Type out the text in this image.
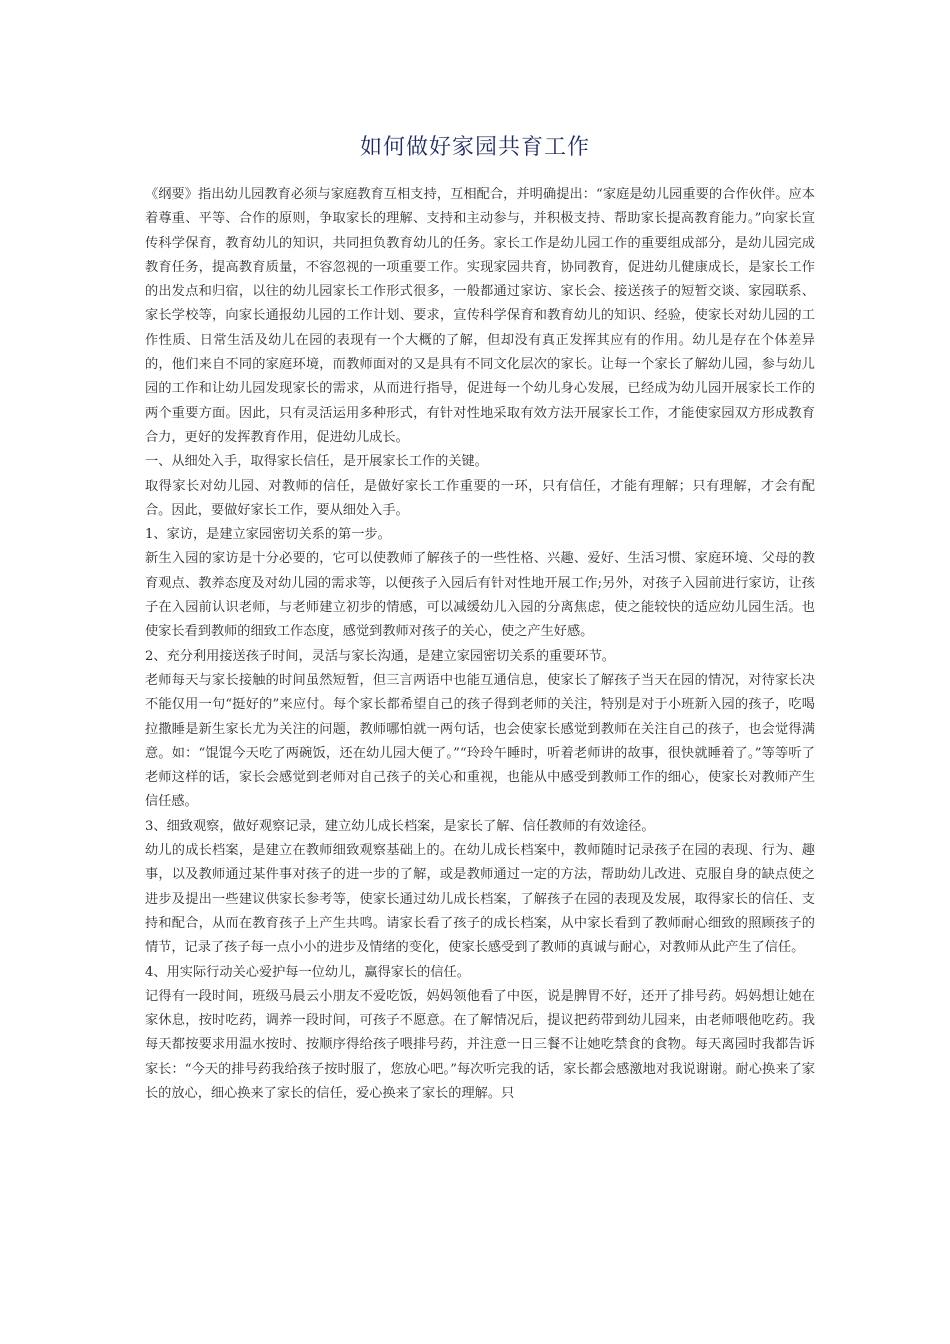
如何做好家园共育工作

《纲要》指出幼儿园教育必须与家庭教育互相支持，互相配合，并明确提出：“家庭是幼儿园重要的合作伙伴。应本着尊重、平等、合作的原则，争取家长的理解、支持和主动参与，并积极支持、帮助家长提高教育能力。”向家长宣传科学保育，教育幼儿的知识，共同担负教育幼儿的任务。家长工作是幼儿园工作的重要组成部分，是幼儿园完成教育任务，提高教育质量，不容忽视的一项重要工作。实现家园共育，协同教育，促进幼儿健康成长，是家长工作的出发点和归宿，以往的幼儿园家长工作形式很多，一般都通过家访、家长会、接送孩子的短暂交谈、家园联系、家长学校等，向家长通报幼儿园的工作计划、要求，宣传科学保育和教育幼儿的知识、经验，使家长对幼儿园的工作性质、日常生活及幼儿在园的表现有一个大概的了解，但却没有真正发挥其应有的作用。幼儿是存在个体差异的，他们来自不同的家庭环境，而教师面对的又是具有不同文化层次的家长。让每一个家长了解幼儿园，参与幼儿园的工作和让幼儿园发现家长的需求，从而进行指导，促进每一个幼儿身心发展，已经成为幼儿园开展家长工作的两个重要方面。因此，只有灵活运用多种形式，有针对性地采取有效方法开展家长工作，才能使家园双方形成教育合力，更好的发挥教育作用，促进幼儿成长。

一、从细处入手，取得家长信任，是开展家长工作的关键。

取得家长对幼儿园、对教师的信任，是做好家长工作重要的一环，只有信任，才能有理解；只有理解，才会有配合。因此，要做好家长工作，要从细处入手。

1、家访，是建立家园密切关系的第一步。

新生入园的家访是十分必要的，它可以使教师了解孩子的一些性格、兴趣、爱好、生活习惯、家庭环境、父母的教育观点、教养态度及对幼儿园的需求等，以便孩子入园后有针对性地开展工作;另外，对孩子入园前进行家访，让孩子在入园前认识老师，与老师建立初步的情感，可以减缓幼儿入园的分离焦虑，使之能较快的适应幼儿园生活。也使家长看到教师的细致工作态度，感觉到教师对孩子的关心，使之产生好感。

2、充分利用接送孩子时间，灵活与家长沟通，是建立家园密切关系的重要环节。

老师每天与家长接触的时间虽然短暂，但三言两语中也能互通信息，使家长了解孩子当天在园的情况，对待家长决不能仅用一句“挺好的”来应付。每个家长都希望自己的孩子得到老师的关注，特别是对于小班新入园的孩子，吃喝拉撒睡是新生家长尤为关注的问题，教师哪怕就一两句话，也会使家长感觉到教师在关注自己的孩子，也会觉得满意。如：“馄馄今天吃了两碗饭，还在幼儿园大便了。”“玲玲午睡时，听着老师讲的故事，很快就睡着了。”等等听了老师这样的话，家长会感觉到老师对自己孩子的关心和重视，也能从中感受到教师工作的细心，使家长对教师产生信任感。

3、细致观察，做好观察记录，建立幼儿成长档案，是家长了解、信任教师的有效途径。

幼儿的成长档案，是建立在教师细致观察基础上的。在幼儿成长档案中，教师随时记录孩子在园的表现、行为、趣事，以及教师通过某件事对孩子的进一步的了解，或是教师通过一定的方法，帮助幼儿改进、克服自身的缺点使之进步及提出一些建议供家长参考等，使家长通过幼儿成长档案，了解孩子在园的表现及发展，取得家长的信任、支持和配合，从而在教育孩子上产生共鸣。请家长看了孩子的成长档案，从中家长看到了教师耐心细致的照顾孩子的情节，记录了孩子每一点小小的进步及情绪的变化，使家长感受到了教师的真诚与耐心，对教师从此产生了信任。

4、用实际行动关心爱护每一位幼儿，赢得家长的信任。

记得有一段时间，班级马晨云小朋友不爱吃饭，妈妈领他看了中医，说是脾胃不好，还开了排号药。妈妈想让她在家休息，按时吃药，调养一段时间，可孩子不愿意。在了解情况后，提议把药带到幼儿园来，由老师喂他吃药。我每天都按要求用温水按时、按顺序得给孩子喂排号药，并注意一日三餐不让她吃禁食的食物。每天离园时我都告诉家长：“今天的排号药我给孩子按时服了，您放心吧。”每次听完我的话，家长都会感激地对我说谢谢。耐心换来了家长的放心，细心换来了家长的信任，爱心换来了家长的理解。只
